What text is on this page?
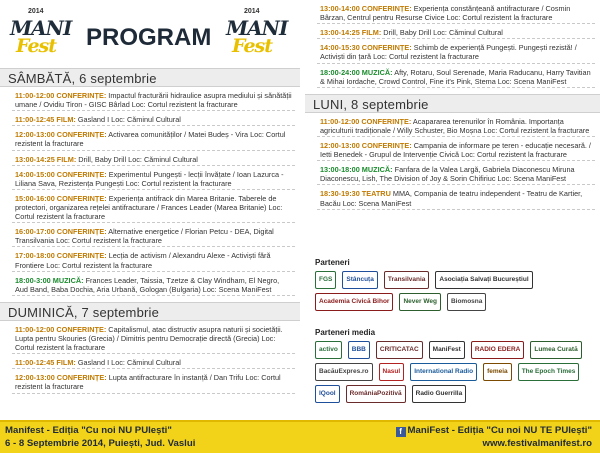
2014
MANI
Fest PROGRAM
2014
MANI
Fest
SÂMBĂTĂ, 6 septembrie
11:00-12:00 CONFERINȚE: Impactul fracturării hidraulice asupra mediului și sănătății umane / Ovidiu Tiron - GISC Bârlad Loc: Cortul rezistent la fracturare
11:00-12:45 FILM: Gasland I Loc: Căminul Cultural
12:00-13:00 CONFERINȚE: Activarea comunităților / Matei Budeș - Vira Loc: Cortul rezistent la fracturare
13:00-14:25 FILM: Drill, Baby Drill Loc: Căminul Cultural
14:00-15:00 CONFERINȚE: Experimentul Pungești - lecții învățate / Ioan Lazurca - Liliana Sava, Rezistența Pungești Loc: Cortul rezistent la fracturare
15:00-16:00 CONFERINȚE: Experiența antifrack din Marea Britanie. Taberele de protectori, organizarea rețelei antifracturare / Frances Leader (Marea Britanie) Loc: Cortul rezistent la fracturare
16:00-17:00 CONFERINȚE: Alternative energetice / Florian Petcu - DEA, Digital Transilvania Loc: Cortul rezistent la fracturare
17:00-18:00 CONFERINȚE: Lecția de activism / Alexandru Alexe - Activiști fără Frontiere Loc: Cortul rezistent la fracturare
18:00-3:00 MUZICĂ: Frances Leader, Taissia, Tzetze & Clay Windham, El Negro, Aud Band, Baba Dochia, Aria Urbană, Gologan (Bulgaria) Loc: Scena ManiFest
DUMINICĂ, 7 septembrie
11:00-12:00 CONFERINȚE: Capitalismul, atac distructiv asupra naturii și societății. Lupta pentru Skouries (Grecia) / Dimitris pentru Democrație directă (Grecia) Loc: Cortul rezistent la fracturare
11:00-12:45 FILM: Gasland I Loc: Căminul Cultural
12:00-13:00 CONFERINȚE: Lupta antifracturare în instanță / Dan Trifu Loc: Cortul rezistent la fracturare
13:00-14:00 CONFERINȚE: Experiența constănțeană antifracturare / Cosmin Bârzan, Centrul pentru Resurse Civice Loc: Cortul rezistent la fracturare
13:00-14:25 FILM: Drill, Baby Drill Loc: Căminul Cultural
14:00-15:30 CONFERINȚE: Schimb de experiență Pungești. Pungești rezistă! / Activiști din țară Loc: Cortul rezistent la fracturare
18:00-24:00 MUZICĂ: Afty, Rotaru, Soul Serenade, Maria Raducanu, Harry Tavitian & Mihai Iordache, Crowd Control, Fine it's Pink, Stema Loc: Scena ManiFest
LUNI, 8 septembrie
11:00-12:00 CONFERINȚE: Acapararea terenurilor în România. Importanța agriculturii tradiționale / Willy Schuster, Bio Moșna Loc: Cortul rezistent la fracturare
12:00-13:00 CONFERINȚE: Campania de informare pe teren - educație necesară. / Ietti Benedek - Grupul de Intervenție Civică Loc: Cortul rezistent la fracturare
13:00-18:00 MUZICĂ: Fanfara de la Valea Largă, Gabriela Diaconescu Miruna Diaconescu, Lish, The Division of Joy & Sorin Chifiriuc Loc: Scena ManiFest
18:30-19:30 TEATRU MMA, Compania de teatru independent - Teatru de Kartier, Bacău Loc: Scena ManiFest
Parteneri
FGS	Stâncuța	Transilvania	Asociația Salvați Bucureștiul
Academia Civică Bihor	Never Weg	Biomosna
Parteneri media
activo	BBB	CRITICATAC	ManiFest	RADIO EDERA	Lumea Curată
BacăuExpres.ro	Nasul	International Radio	femeia	The Epoch Times
IQool	RomâniaPozitivă	Radio Guerrilla
Manifest - Ediția "Cu noi NU PUIești"
6 - 8 Septembrie 2014, Puiești, Jud. Vaslui
f ManiFest - Ediția "Cu noi NU TE PUIești"
www.festivalmanifest.ro
